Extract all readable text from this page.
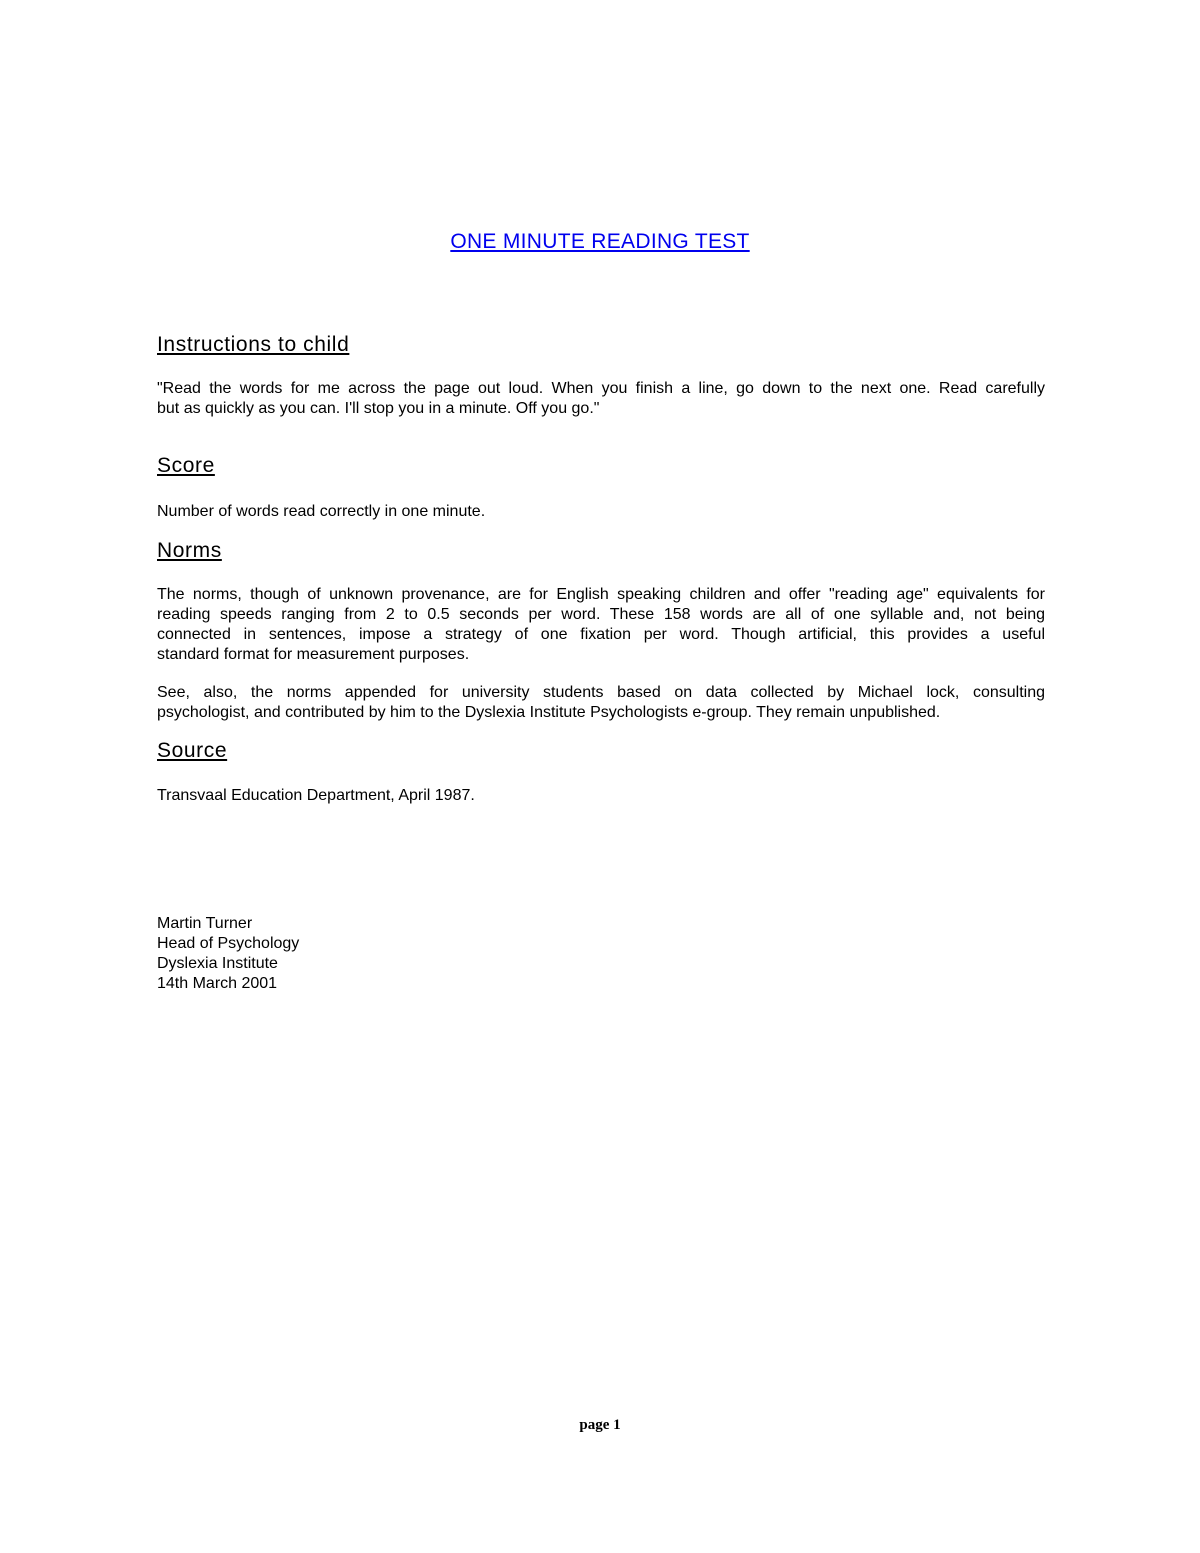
ONE MINUTE READING TEST
Instructions to child
"Read the words for me across the page out loud. When you finish a line, go down to the next one. Read carefully
but as quickly as you can. I'll stop you in a minute. Off you go."
Score
Number of words read correctly in one minute.
Norms
The norms, though of unknown provenance, are for English speaking children and offer "reading age" equivalents for
reading speeds ranging from 2 to 0.5 seconds per word. These 158 words are all of one syllable and, not being
connected in sentences, impose a strategy of one fixation per word. Though artificial, this provides a useful
standard format for measurement purposes.
See, also, the norms appended for university students based on data collected by Michael lock, consulting
psychologist, and contributed by him to the Dyslexia Institute Psychologists e-group. They remain unpublished.
Source
Transvaal Education Department, April 1987.
Martin Turner
Head of Psychology
Dyslexia Institute
14th March 2001
page 1
